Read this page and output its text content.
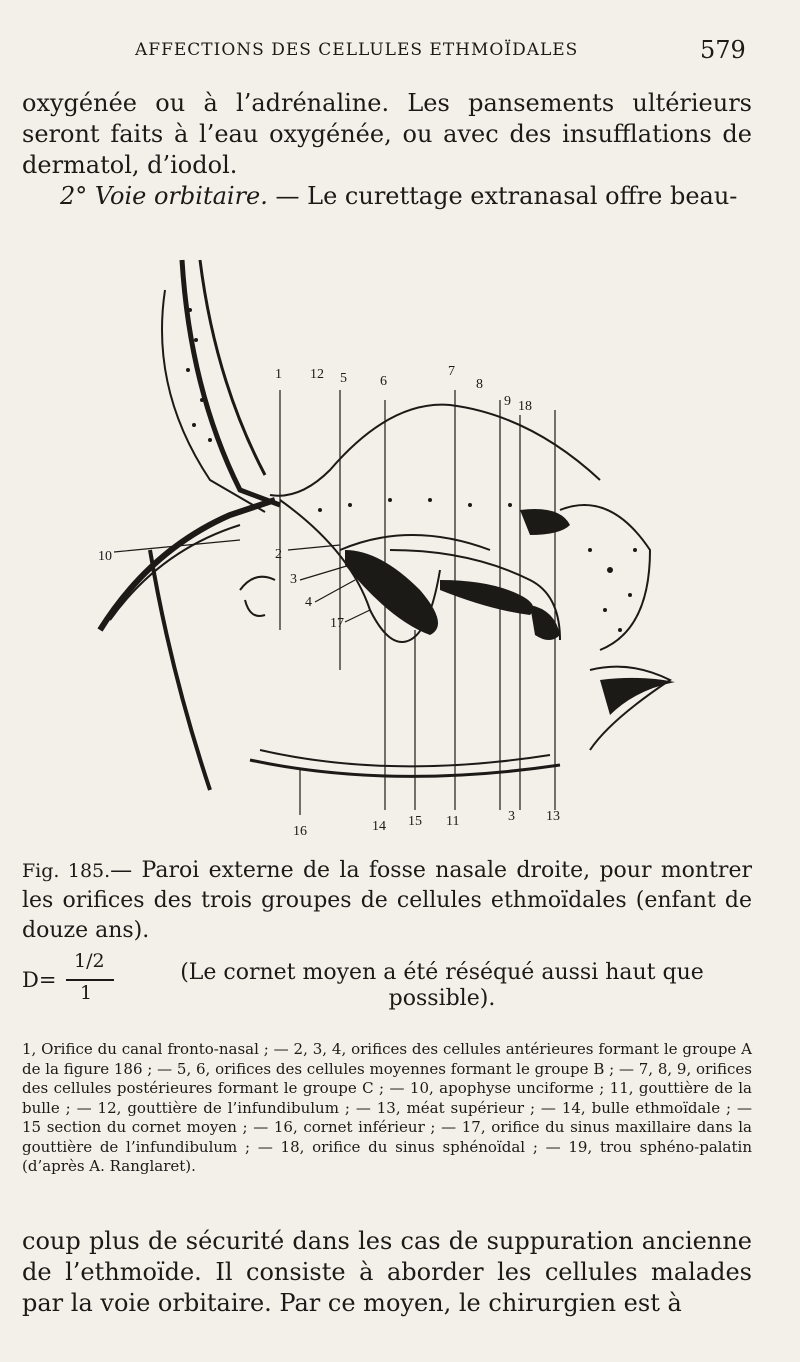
AFFECTIONS DES CELLULES ETHMOÏDALES	579

oxygénée ou à l’adrénaline. Les pansements ultérieurs seront faits à l’eau oxygénée, ou avec des insufflations de dermatol, d’iodol.

2° Voie orbitaire. — Le curettage extranasal offre beau-

1 12 5 6
7
8
9 18
10	2
3
4
17
16	14 15 11	3 13
Fig. 185.— Paroi externe de la fosse nasale droite, pour montrer les orifices des trois groupes de cellules ethmoïdales (enfant de douze ans).
D=
1/2
1
(Le cornet moyen a été réséqué aussi haut que possible).

1, Orifice du canal fronto-nasal ; — 2, 3, 4, orifices des cellules antérieures formant le groupe A de la figure 186 ; — 5, 6, orifices des cellules moyennes formant le groupe B ; — 7, 8, 9, orifices des cellules postérieures formant le groupe C ; — 10, apophyse unciforme ; 11, gouttière de la bulle ; — 12, gouttière de l’infundibulum ; — 13, méat supérieur ; — 14, bulle ethmoïdale ; — 15 section du cornet moyen ; — 16, cornet inférieur ; — 17, orifice du sinus maxillaire dans la gouttière de l’infundibulum ; — 18, orifice du sinus sphénoïdal ; — 19, trou sphéno-palatin (d’après A. Ranglaret).

coup plus de sécurité dans les cas de suppuration ancienne de l’ethmoïde. Il consiste à aborder les cellules malades par la voie orbitaire. Par ce moyen, le chirurgien est à
